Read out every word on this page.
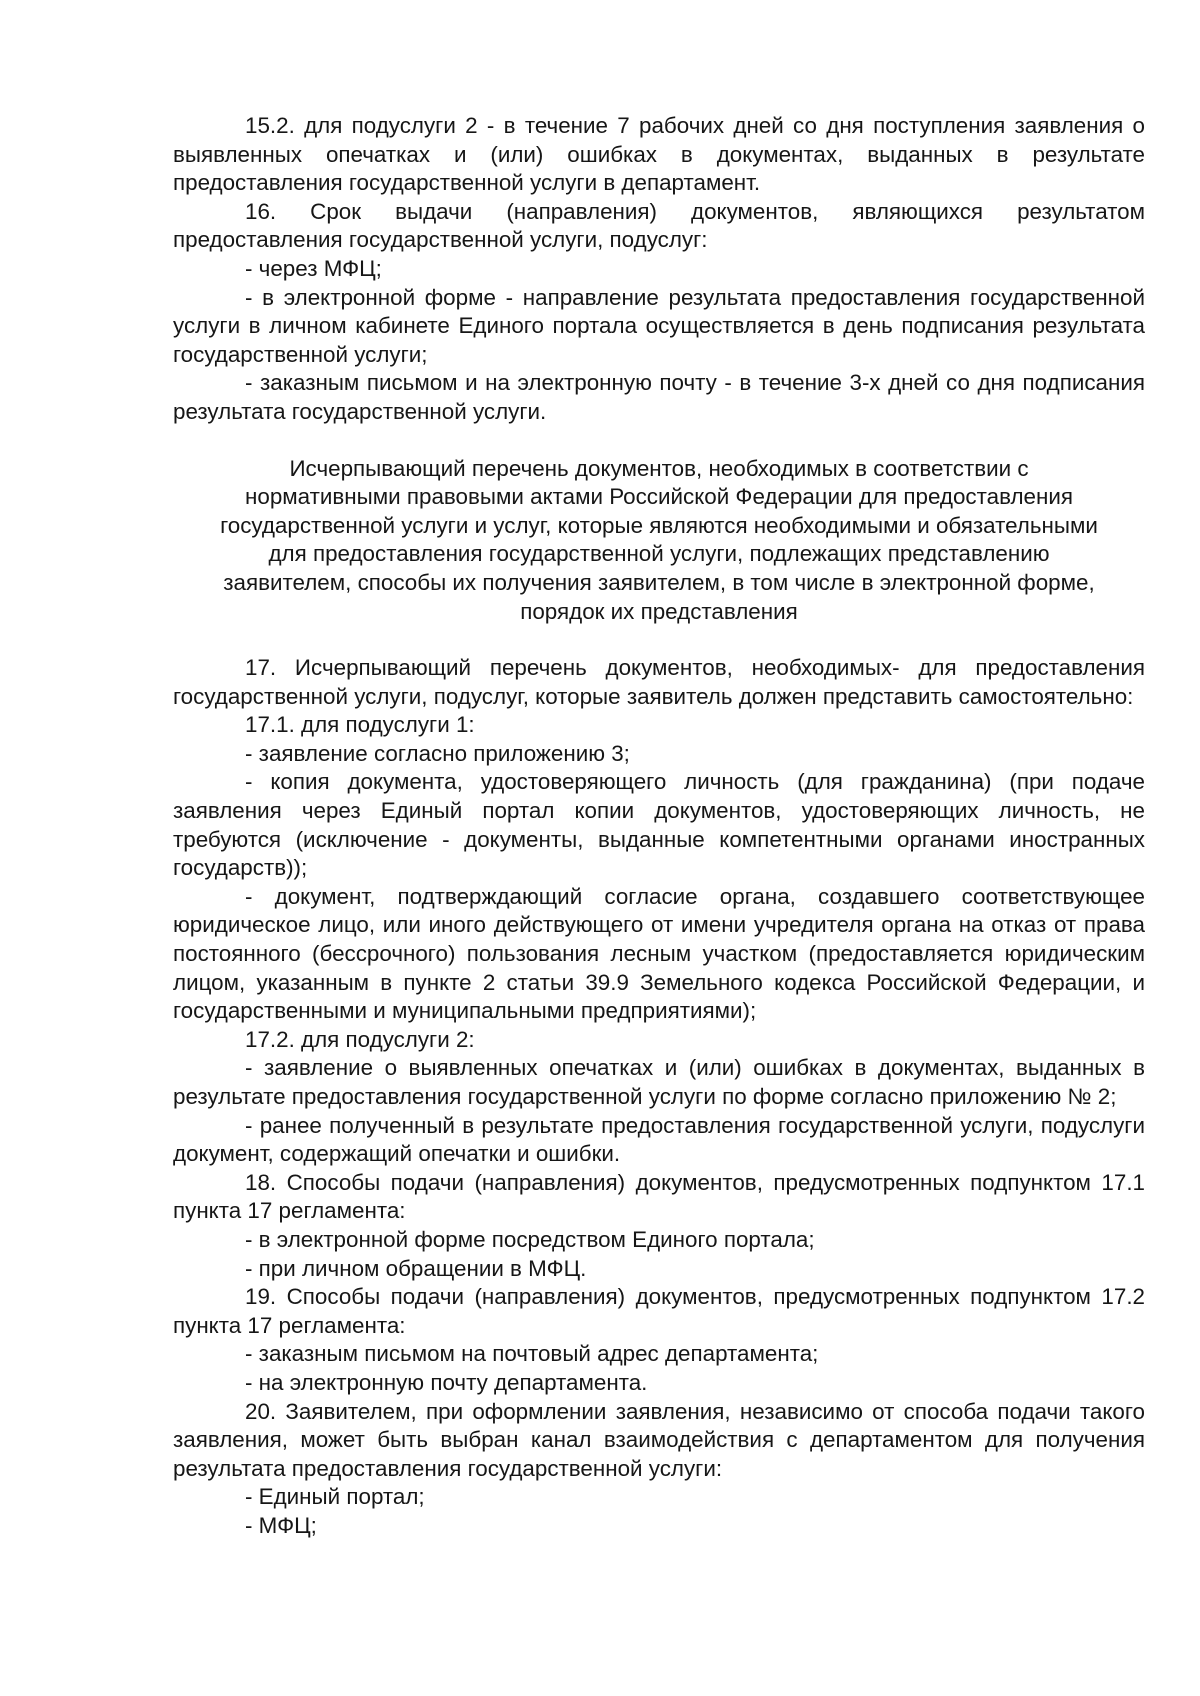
15.2. для подуслуги 2 - в течение 7 рабочих дней со дня поступления заявления о выявленных опечатках и (или) ошибках в документах, выданных в результате предоставления государственной услуги в департамент.

16. Срок выдачи (направления) документов, являющихся результатом предоставления государственной услуги, подуслуг:

- через МФЦ;

- в электронной форме - направление результата предоставления государственной услуги в личном кабинете Единого портала осуществляется в день подписания результата государственной услуги;

- заказным письмом и на электронную почту - в течение 3-х дней со дня подписания результата государственной услуги.

Исчерпывающий перечень документов, необходимых в соответствии с
нормативными правовыми актами Российской Федерации для предоставления
государственной услуги и услуг, которые являются необходимыми и обязательными
для предоставления государственной услуги, подлежащих представлению
заявителем, способы их получения заявителем, в том числе в электронной форме,
порядок их представления

17. Исчерпывающий перечень документов, необходимых- для предоставления государственной услуги, подуслуг, которые заявитель должен представить самостоятельно:

17.1. для подуслуги 1:

- заявление согласно приложению 3;

- копия документа, удостоверяющего личность (для гражданина) (при подаче заявления через Единый портал копии документов, удостоверяющих личность, не требуются (исключение - документы, выданные компетентными органами иностранных государств));

- документ, подтверждающий согласие органа, создавшего соответствующее юридическое лицо, или иного действующего от имени учредителя органа на отказ от права постоянного (бессрочного) пользования лесным участком (предоставляется юридическим лицом, указанным в пункте 2 статьи 39.9 Земельного кодекса Российской Федерации, и государственными и муниципальными предприятиями);

17.2. для подуслуги 2:

- заявление о выявленных опечатках и (или) ошибках в документах, выданных в результате предоставления государственной услуги по форме согласно приложению № 2;

- ранее полученный в результате предоставления государственной услуги, подуслуги документ, содержащий опечатки и ошибки.

18. Способы подачи (направления) документов, предусмотренных подпунктом 17.1 пункта 17 регламента:

- в электронной форме посредством Единого портала;

- при личном обращении в МФЦ.

19. Способы подачи (направления) документов, предусмотренных подпунктом 17.2 пункта 17 регламента:

- заказным письмом на почтовый адрес департамента;

- на электронную почту департамента.

20. Заявителем, при оформлении заявления, независимо от способа подачи такого заявления, может быть выбран канал взаимодействия с департаментом для получения результата предоставления государственной услуги:

- Единый портал;

- МФЦ;
